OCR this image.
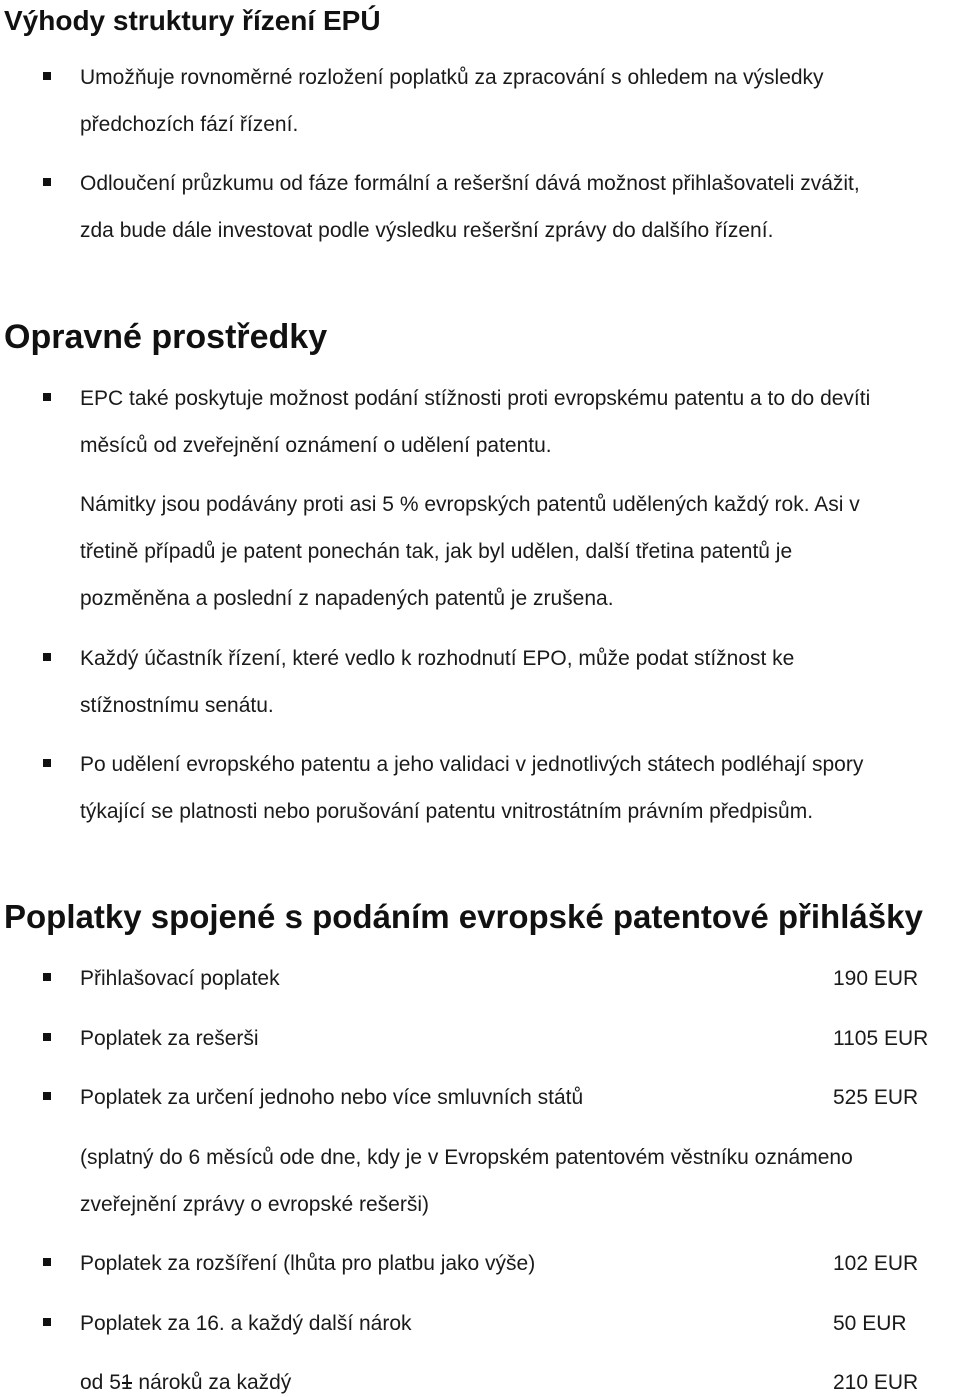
Výhody struktury řízení EPÚ

Umožňuje rovnoměrné rozložení poplatků za zpracování s ohledem na výsledky

předchozích fází řízení.

Odloučení průzkumu od fáze formální a rešeršní dává možnost přihlašovateli zvážit,

zda bude dále investovat podle výsledku rešeršní zprávy do dalšího řízení.

Opravné prostředky

EPC také poskytuje možnost podání stížnosti proti evropskému patentu a to do devíti

měsíců od zveřejnění oznámení o udělení patentu.

Námitky jsou podávány proti asi 5 % evropských patentů udělených každý rok. Asi v

třetině případů je patent ponechán tak, jak byl udělen, další třetina patentů je

pozměněna a poslední z napadených patentů je zrušena.

Každý účastník řízení, které vedlo k rozhodnutí EPO, může podat stížnost ke

stížnostnímu senátu.

Po udělení evropského patentu a jeho validaci v jednotlivých státech podléhají spory

týkající se platnosti nebo porušování patentu vnitrostátním právním předpisům.

Poplatky spojené s podáním evropské patentové přihlášky

Přihlašovací poplatek	190 EUR

Poplatek za rešerši	1105 EUR

Poplatek za určení jednoho nebo více smluvních států	525 EUR

(splatný do 6 měsíců ode dne, kdy je v Evropském patentovém věstníku oznámeno

zveřejnění zprávy o evropské rešerši)

Poplatek za rozšíření (lhůta pro platbu jako výše)	102 EUR

Poplatek za 16. a každý další nárok	50 EUR

od 51 nároků za každý	210 EUR
